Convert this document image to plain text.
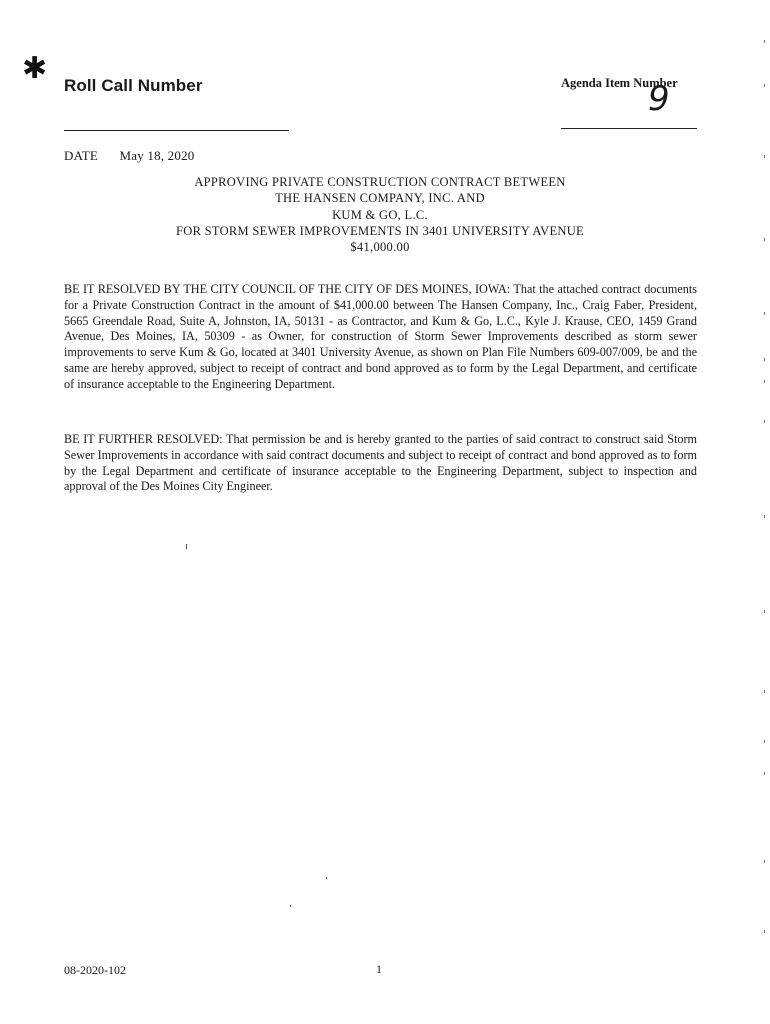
✱ Roll Call Number	Agenda Item Number
9
DATE May 18, 2020
APPROVING PRIVATE CONSTRUCTION CONTRACT BETWEEN
THE HANSEN COMPANY, INC. AND
KUM & GO, L.C.
FOR STORM SEWER IMPROVEMENTS IN 3401 UNIVERSITY AVENUE
$41,000.00
BE IT RESOLVED BY THE CITY COUNCIL OF THE CITY OF DES MOINES, IOWA: That the attached contract documents for a Private Construction Contract in the amount of $41,000.00 between The Hansen Company, Inc., Craig Faber, President, 5665 Greendale Road, Suite A, Johnston, IA, 50131 - as Contractor, and Kum & Go, L.C., Kyle J. Krause, CEO, 1459 Grand Avenue, Des Moines, IA, 50309 - as Owner, for construction of Storm Sewer Improvements described as storm sewer improvements to serve Kum & Go, located at 3401 University Avenue, as shown on Plan File Numbers 609-007/009, be and the same are hereby approved, subject to receipt of contract and bond approved as to form by the Legal Department, and certificate of insurance acceptable to the Engineering Department.
BE IT FURTHER RESOLVED: That permission be and is hereby granted to the parties of said contract to construct said Storm Sewer Improvements in accordance with said contract documents and subject to receipt of contract and bond approved as to form by the Legal Department and certificate of insurance acceptable to the Engineering Department, subject to inspection and approval of the Des Moines City Engineer.
08-2020-102	1
